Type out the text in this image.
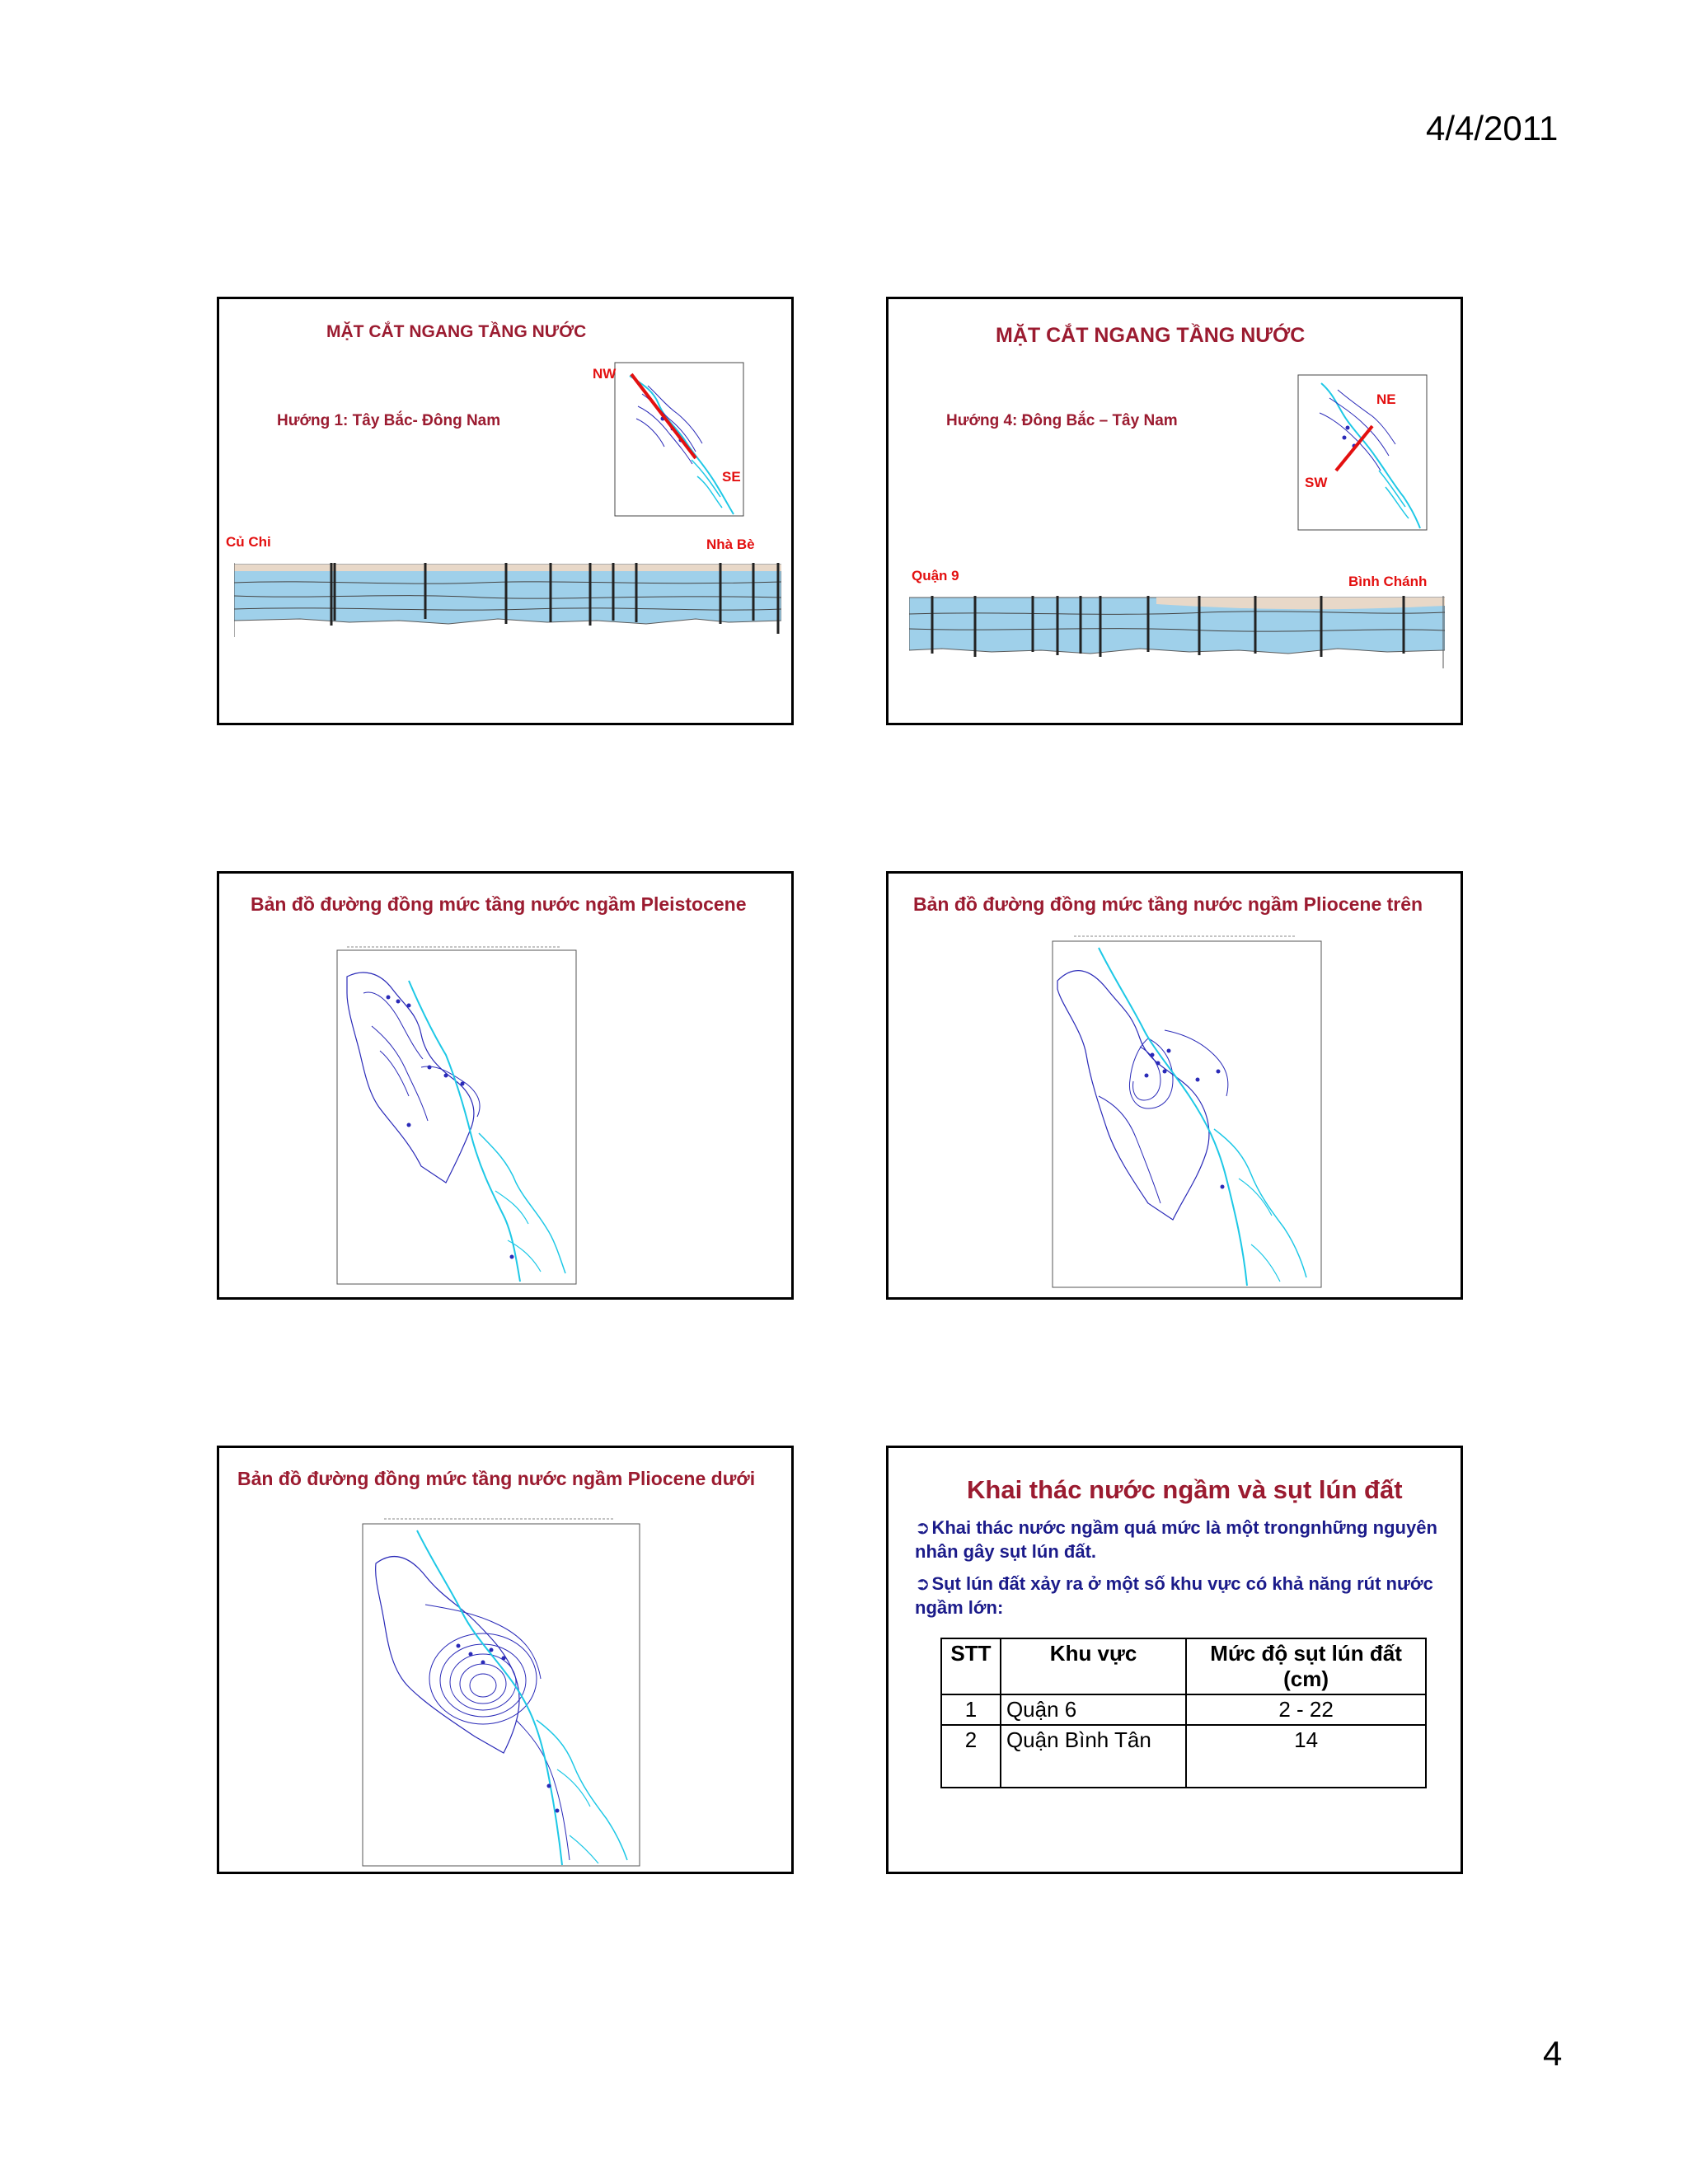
4/4/2011
MẶT CẮT NGANG TẦNG NƯỚC
Hướng 1: Tây Bắc- Đông Nam
NW
SE
Củ Chi	Nhà Bè
MẶT CẮT NGANG TẦNG NƯỚC
Hướng 4: Đông Bắc – Tây Nam
NE
SW
Quận 9	Bình Chánh
Bản đồ đường đồng mức tầng nước ngầm Pleistocene	Bản đồ đường đồng mức tầng nước ngầm Pliocene trên
Bản đồ đường đồng mức tầng nước ngầm Pliocene dưới	Khai thác nước ngầm và sụt lún đất

➲Khai thác nước ngầm quá mức là một trongnhững nguyên nhân gây sụt lún đất.

➲Sụt lún đất xảy ra ở một số khu vực có khả năng rút nước ngầm lớn:

STT	Khu vực	Mức độ sụt lún đất (cm)
1	Quận 6	2 - 22
2	Quận Bình Tân	14
4
